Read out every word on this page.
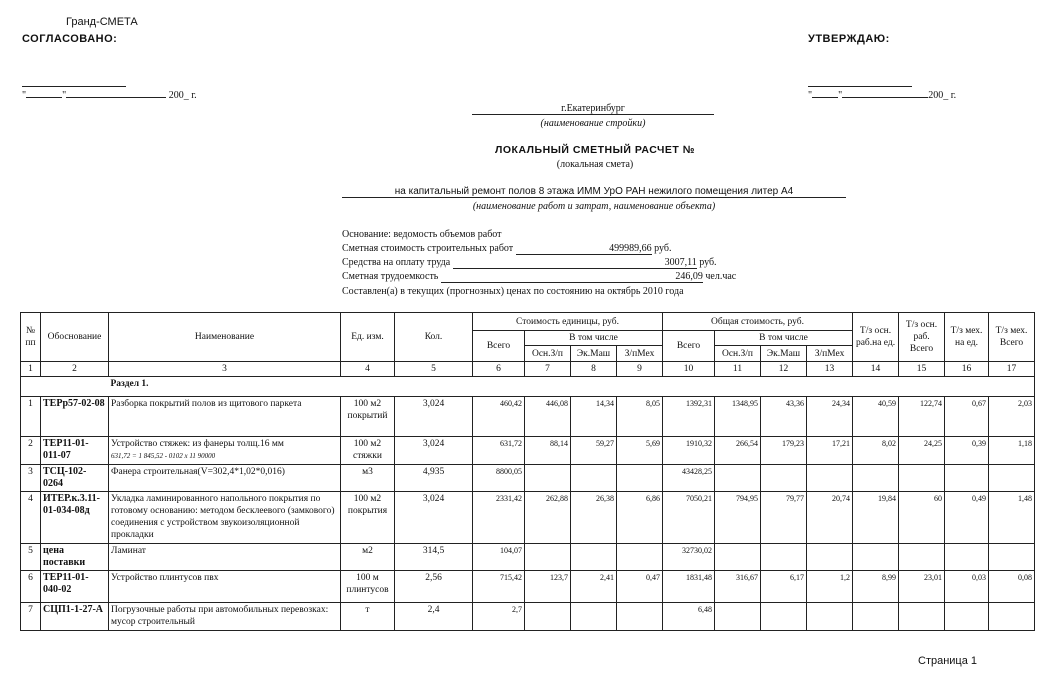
Гранд-СМЕТА
СОГЛАСОВАНО:	УТВЕРЖДАЮ:
"	"	200_ г.	"	"	200_ г.
г.Екатеринбург
(наименование стройки)
ЛОКАЛЬНЫЙ СМЕТНЫЙ РАСЧЕТ №
(локальная смета)
на капитальный ремонт полов 8 этажа ИММ УрО РАН нежилого помещения литер А4
(наименование работ и затрат, наименование объекта)
Основание: ведомость объемов работ
Сметная стоимость строительных работ	499989,66 руб.
Средства на оплату труда	3007,11 руб.
Сметная трудоемкость	246,09 чел.час
Составлен(а) в текущих (прогнозных) ценах по состоянию на октябрь 2010 года
№ пп	Обоснование	Наименование	Ед. изм.	Кол.	Стоимость единицы, руб.				Общая стоимость, руб.				Т/з осн. раб.на ед.	Т/з осн. раб. Всего	Т/з мех. на ед.	Т/з мех. Всего
					Всего	В том числе			Всего	В том числе						
						Осн.З/п	Эк.Маш	З/пМех		Осн.З/п	Эк.Маш	З/пМех				
1	2	3	4	5	6	7	8	9	10	11	12	13	14	15	16	17
		Раздел 1.														
1	ТЕРр57-02-08	Разборка покрытий полов из щитового паркета	100 м2 покрытий	3,024	460,42	446,08	14,34	8,05	1392,31	1348,95	43,36	24,34	40,59	122,74	0,67	2,03
2	ТЕР11-01-011-07	Устройство стяжек: из фанеры толщ.16 мм
631,72 = 1 845,52 - 0102 x 11 90000	100 м2 стяжки	3,024	631,72	88,14	59,27	5,69	1910,32	266,54	179,23	17,21	8,02	24,25	0,39	1,18
3	ТСЦ-102-0264	Фанера строительная(V=302,4*1,02*0,016)	м3	4,935	8800,05				43428,25							
4	ИТЕР.к.3.11-01-034-08д	Укладка ламинированного напольного покрытия по готовому основанию: методом бесклеевого (замкового) соединения с устройством звукоизоляционной прокладки	100 м2 покрытия	3,024	2331,42	262,88	26,38	6,86	7050,21	794,95	79,77	20,74	19,84	60	0,49	1,48
5	цена поставки	Ламинат	м2	314,5	104,07				32730,02							
6	ТЕР11-01-040-02	Устройство плинтусов пвх	100 м плинтусов	2,56	715,42	123,7	2,41	0,47	1831,48	316,67	6,17	1,2	8,99	23,01	0,03	0,08
7	СЦП1-1-27-А	Погрузочные работы при автомобильных перевозках: мусор строительный	т	2,4	2,7				6,48							
Страница 1
